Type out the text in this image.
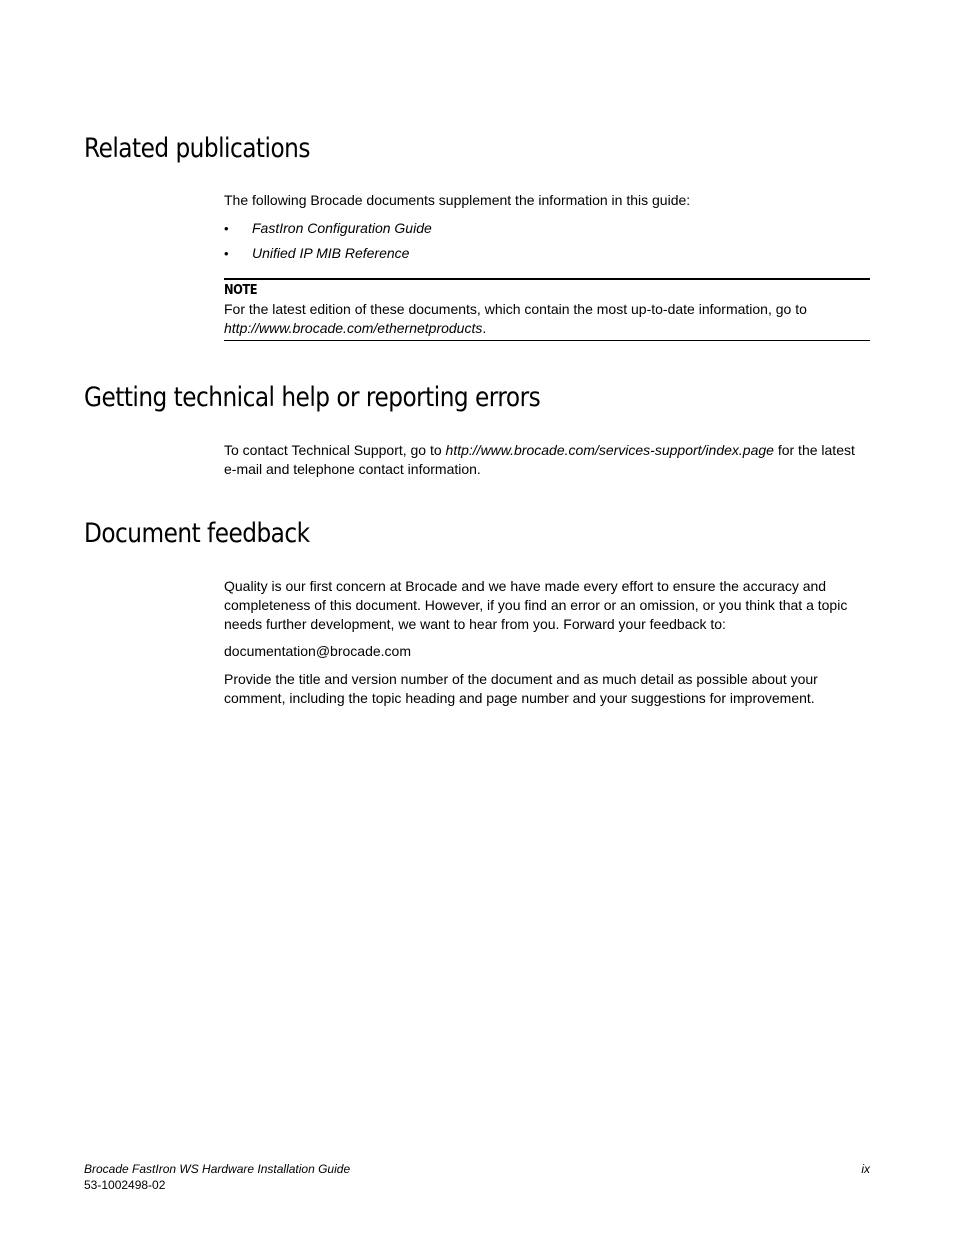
Related publications

The following Brocade documents supplement the information in this guide:

• FastIron Configuration Guide
• Unified IP MIB Reference
NOTE
For the latest edition of these documents, which contain the most up-to-date information, go to
http://www.brocade.com/ethernetproducts.
Getting technical help or reporting errors

To contact Technical Support, go to http://www.brocade.com/services-support/index.page for the latest e-mail and telephone contact information.

Document feedback

Quality is our first concern at Brocade and we have made every effort to ensure the accuracy and completeness of this document. However, if you find an error or an omission, or you think that a topic needs further development, we want to hear from you. Forward your feedback to:

documentation@brocade.com

Provide the title and version number of the document and as much detail as possible about your comment, including the topic heading and page number and your suggestions for improvement.

Brocade FastIron WS Hardware Installation Guide
53-1002498-02
ix
